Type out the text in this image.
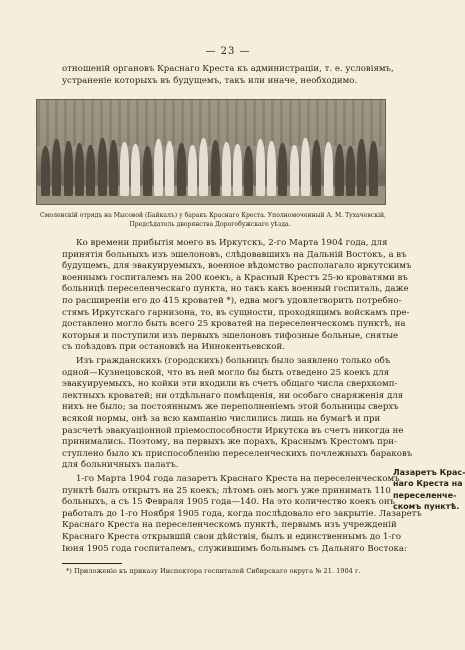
— 23 —

отношеній органовъ Краснаго Креста къ администраціи, т. е. условіямъ,
устраненіе которыхъ въ будущемъ, такъ или иначе, необходимо.

Смоленскій отрядъ на Мысовой (Байкалъ) у баракъ Краснаго Креста. Уполномоченный А. М. Тухачевскій,
Предсѣдатель дворянства Дорогобужскаго уѣзда.

Ко времени прибытія моего въ Иркутскъ, 2-го Марта 1904 года, для
принятія больныхъ изъ эшелоновъ, слѣдовавшихъ на Дальній Востокъ, а въ
будущемъ, для эвакуируемыхъ, военное вѣдомство располагало иркутскимъ
военнымъ госпиталемъ на 200 коекъ, а Красный Крестъ 25-ю кроватями въ
больницѣ переселенческаго пункта, но такъ какъ военный госпиталь, даже
по расширеніи его до 415 кроватей *), едва могъ удовлетворить потребно-
стямъ Иркутскаго гарнизона, то, въ сущности, проходящимъ войскамъ пре-
доставлено могло быть всего 25 кроватей на переселенческомъ пунктѣ, на
которыя и поступили изъ первыхъ эшелоновъ тифозные больные, снятые
съ поѣздовъ при остановкѣ на Иннокентьевской.

Изъ гражданскихъ (городскихъ) больницъ было заявлено только объ
одной—Кузнецовской, что въ ней могло бы быть отведено 25 коекъ для
эвакуируемыхъ, но койки эти входили въ счетъ общаго числа сверхкомп-
лектныхъ кроватей; ни отдѣльнаго помѣщенія, ни особаго снаряженія для
нихъ не было; за постояннымъ же переполненіемъ этой больницы сверхъ
всякой нормы, онѣ за всю кампанію числились лишь на бумагѣ и при
разсчетѣ эвакуаціонной пріемоспособности Иркутска въ счетъ никогда не
принимались. Поэтому, на первыхъ же порахъ, Краснымъ Крестомъ при-
ступлено было къ приспособленію переселенческихъ почлежныхъ бараковъ
для больничныхъ палатъ.

1-го Марта 1904 года лазаретъ Краснаго Креста на переселенческомъ
пунктѣ былъ открытъ на 25 коекъ; лѣтомъ онъ могъ уже принимать 110
больныхъ, а съ 15 Февраля 1905 года—140. На это количество коекъ онъ
работалъ до 1-го Ноября 1905 года, когда послѣдовало его закрытіе. Лазаретъ
Краснаго Креста на переселенческомъ пунктѣ, первымъ изъ учрежденій
Краснаго Креста открывшій свои дѣйствія, былъ и единственнымъ до 1-го
Іюня 1905 года госпиталемъ, служившимъ больнымъ съ Дальняго Востока:

Лазаретъ Крас-
наго Креста на
переселенче-
скомъ пунктѣ.

*) Приложеніе къ приказу Инспектора госпиталей Сибирскаго округа № 21. 1904 г.
